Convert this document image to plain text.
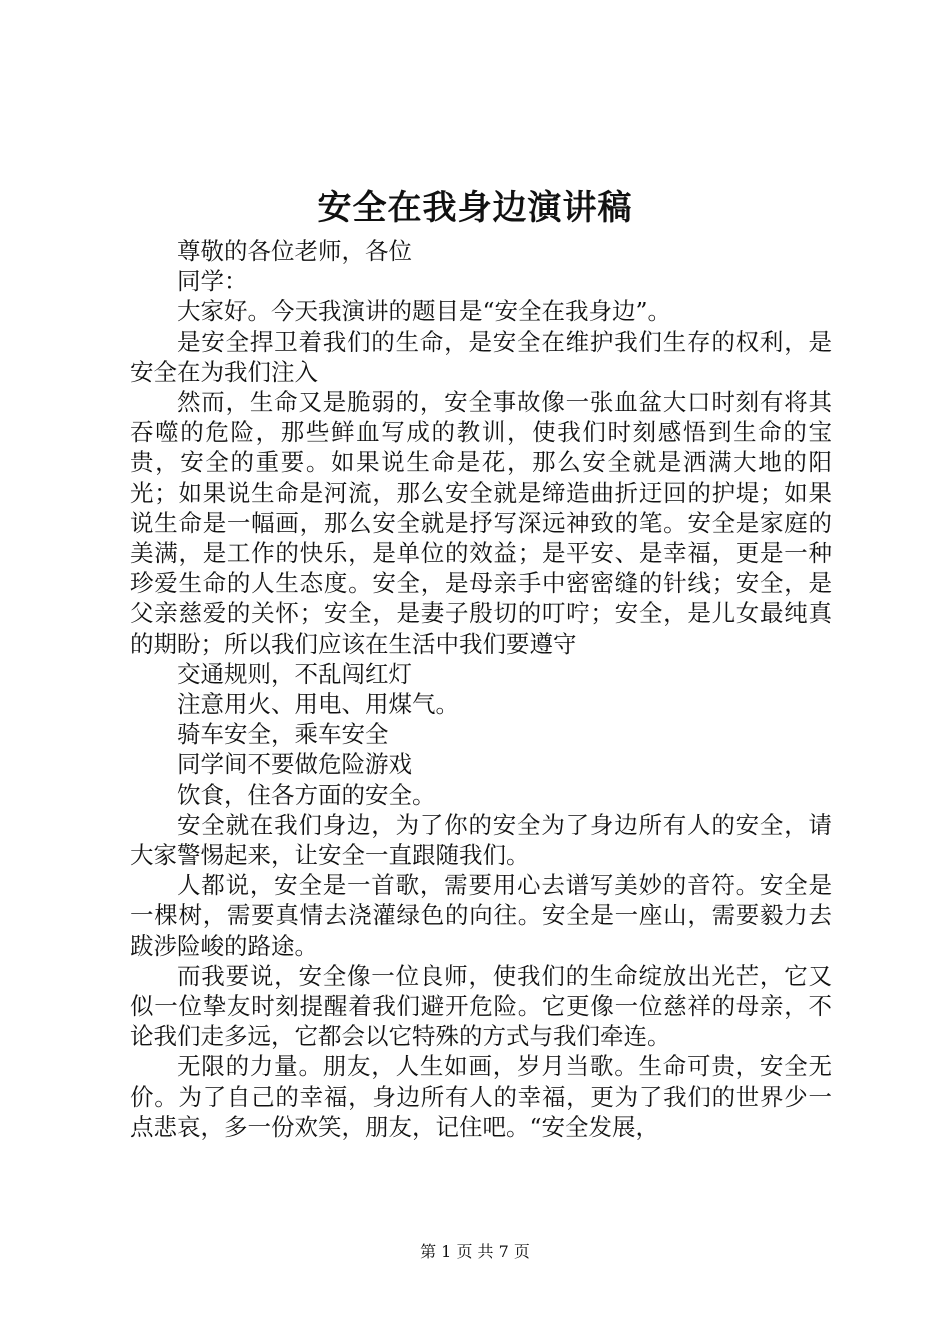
安全在我身边演讲稿

尊敬的各位老师，各位

同学：

大家好。今天我演讲的题目是“安全在我身边”。

是安全捍卫着我们的生命，是安全在维护我们生存的权利，是安全在为我们注入

然而，生命又是脆弱的，安全事故像一张血盆大口时刻有将其吞噬的危险，那些鲜血写成的教训，使我们时刻感悟到生命的宝贵，安全的重要。如果说生命是花，那么安全就是洒满大地的阳光；如果说生命是河流，那么安全就是缔造曲折迂回的护堤；如果说生命是一幅画，那么安全就是抒写深远神致的笔。安全是家庭的美满，是工作的快乐，是单位的效益；是平安、是幸福，更是一种珍爱生命的人生态度。安全，是母亲手中密密缝的针线；安全，是父亲慈爱的关怀；安全，是妻子殷切的叮咛；安全，是儿女最纯真的期盼；所以我们应该在生活中我们要遵守

交通规则，不乱闯红灯

注意用火、用电、用煤气。

骑车安全，乘车安全

同学间不要做危险游戏

饮食，住各方面的安全。

安全就在我们身边，为了你的安全为了身边所有人的安全，请大家警惕起来，让安全一直跟随我们。

人都说，安全是一首歌，需要用心去谱写美妙的音符。安全是一棵树，需要真情去浇灌绿色的向往。安全是一座山，需要毅力去跋涉险峻的路途。

而我要说，安全像一位良师，使我们的生命绽放出光芒，它又似一位挚友时刻提醒着我们避开危险。它更像一位慈祥的母亲，不论我们走多远，它都会以它特殊的方式与我们牵连。

无限的力量。朋友，人生如画，岁月当歌。生命可贵，安全无价。为了自己的幸福，身边所有人的幸福，更为了我们的世界少一点悲哀，多一份欢笑，朋友，记住吧。“安全发展，

第 1 页 共 7 页
